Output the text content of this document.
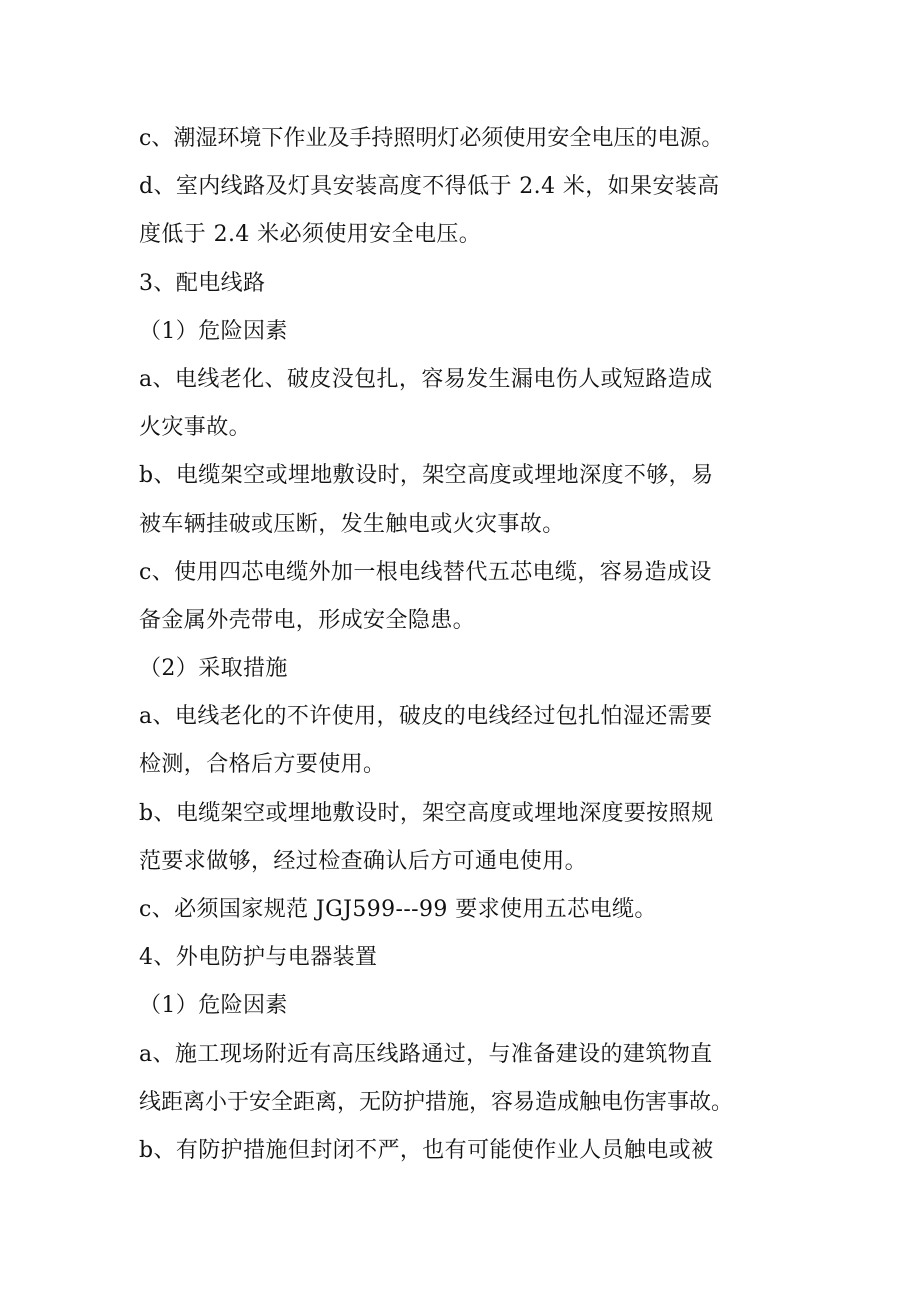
c、潮湿环境下作业及手持照明灯必须使用安全电压的电源。
d、室内线路及灯具安装高度不得低于 2.4 米，如果安装高
度低于 2.4 米必须使用安全电压。
3、配电线路
（1）危险因素
a、电线老化、破皮没包扎，容易发生漏电伤人或短路造成
火灾事故。
b、电缆架空或埋地敷设时，架空高度或埋地深度不够，易
被车辆挂破或压断，发生触电或火灾事故。
c、使用四芯电缆外加一根电线替代五芯电缆，容易造成设
备金属外壳带电，形成安全隐患。
（2）采取措施
a、电线老化的不许使用，破皮的电线经过包扎怕湿还需要
检测，合格后方要使用。
b、电缆架空或埋地敷设时，架空高度或埋地深度要按照规
范要求做够，经过检查确认后方可通电使用。
c、必须国家规范 JGJ599---99 要求使用五芯电缆。
4、外电防护与电器装置
（1）危险因素
a、施工现场附近有高压线路通过，与准备建设的建筑物直
线距离小于安全距离，无防护措施，容易造成触电伤害事故。
b、有防护措施但封闭不严，也有可能使作业人员触电或被
